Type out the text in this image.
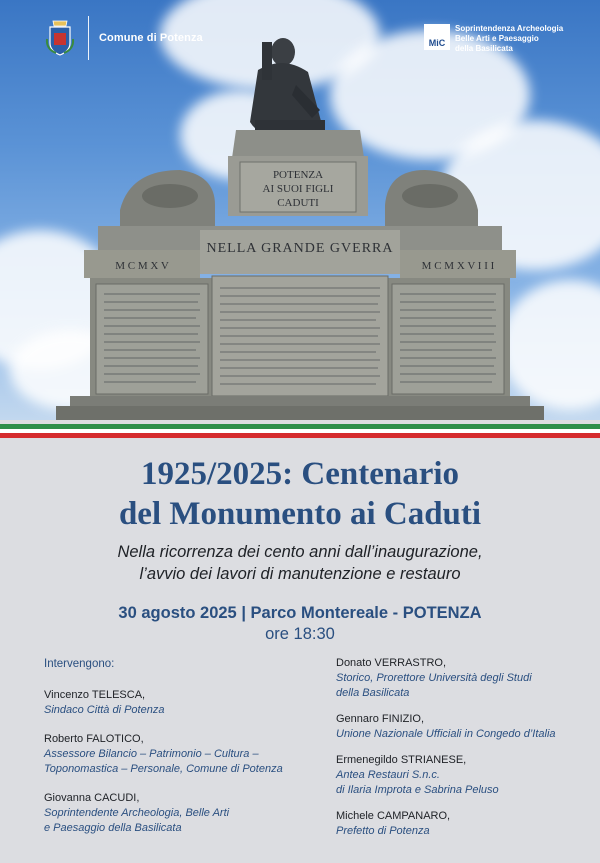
POTENZA
AI SUOI FIGLI
CADUTI
NELLA GRANDE GVERRA
M C M X V	M C M X V I I I
Comune di Potenza	MiC
Soprintendenza Archeologia
Belle Arti e Paesaggio
della Basilicata
1925/2025: Centenario
del Monumento ai Caduti
Nella ricorrenza dei cento anni dall’inaugurazione,
l’avvio dei lavori di manutenzione e restauro
30 agosto 2025 | Parco Montereale - POTENZA
ore 18:30
Intervengono:
Vincenzo TELESCA,
Sindaco Città di Potenza
Roberto FALOTICO,
Assessore Bilancio – Patrimonio – Cultura –
Toponomastica – Personale, Comune di Potenza
Giovanna CACUDI,
Soprintendente Archeologia, Belle Arti
e Paesaggio della Basilicata
Donato VERRASTRO,
Storico, Prorettore Università degli Studi
della Basilicata
Gennaro FINIZIO,
Unione Nazionale Ufficiali in Congedo d’Italia
Ermenegildo STRIANESE,
Antea Restauri S.n.c.
di Ilaria Improta e Sabrina Peluso
Michele CAMPANARO,
Prefetto di Potenza
